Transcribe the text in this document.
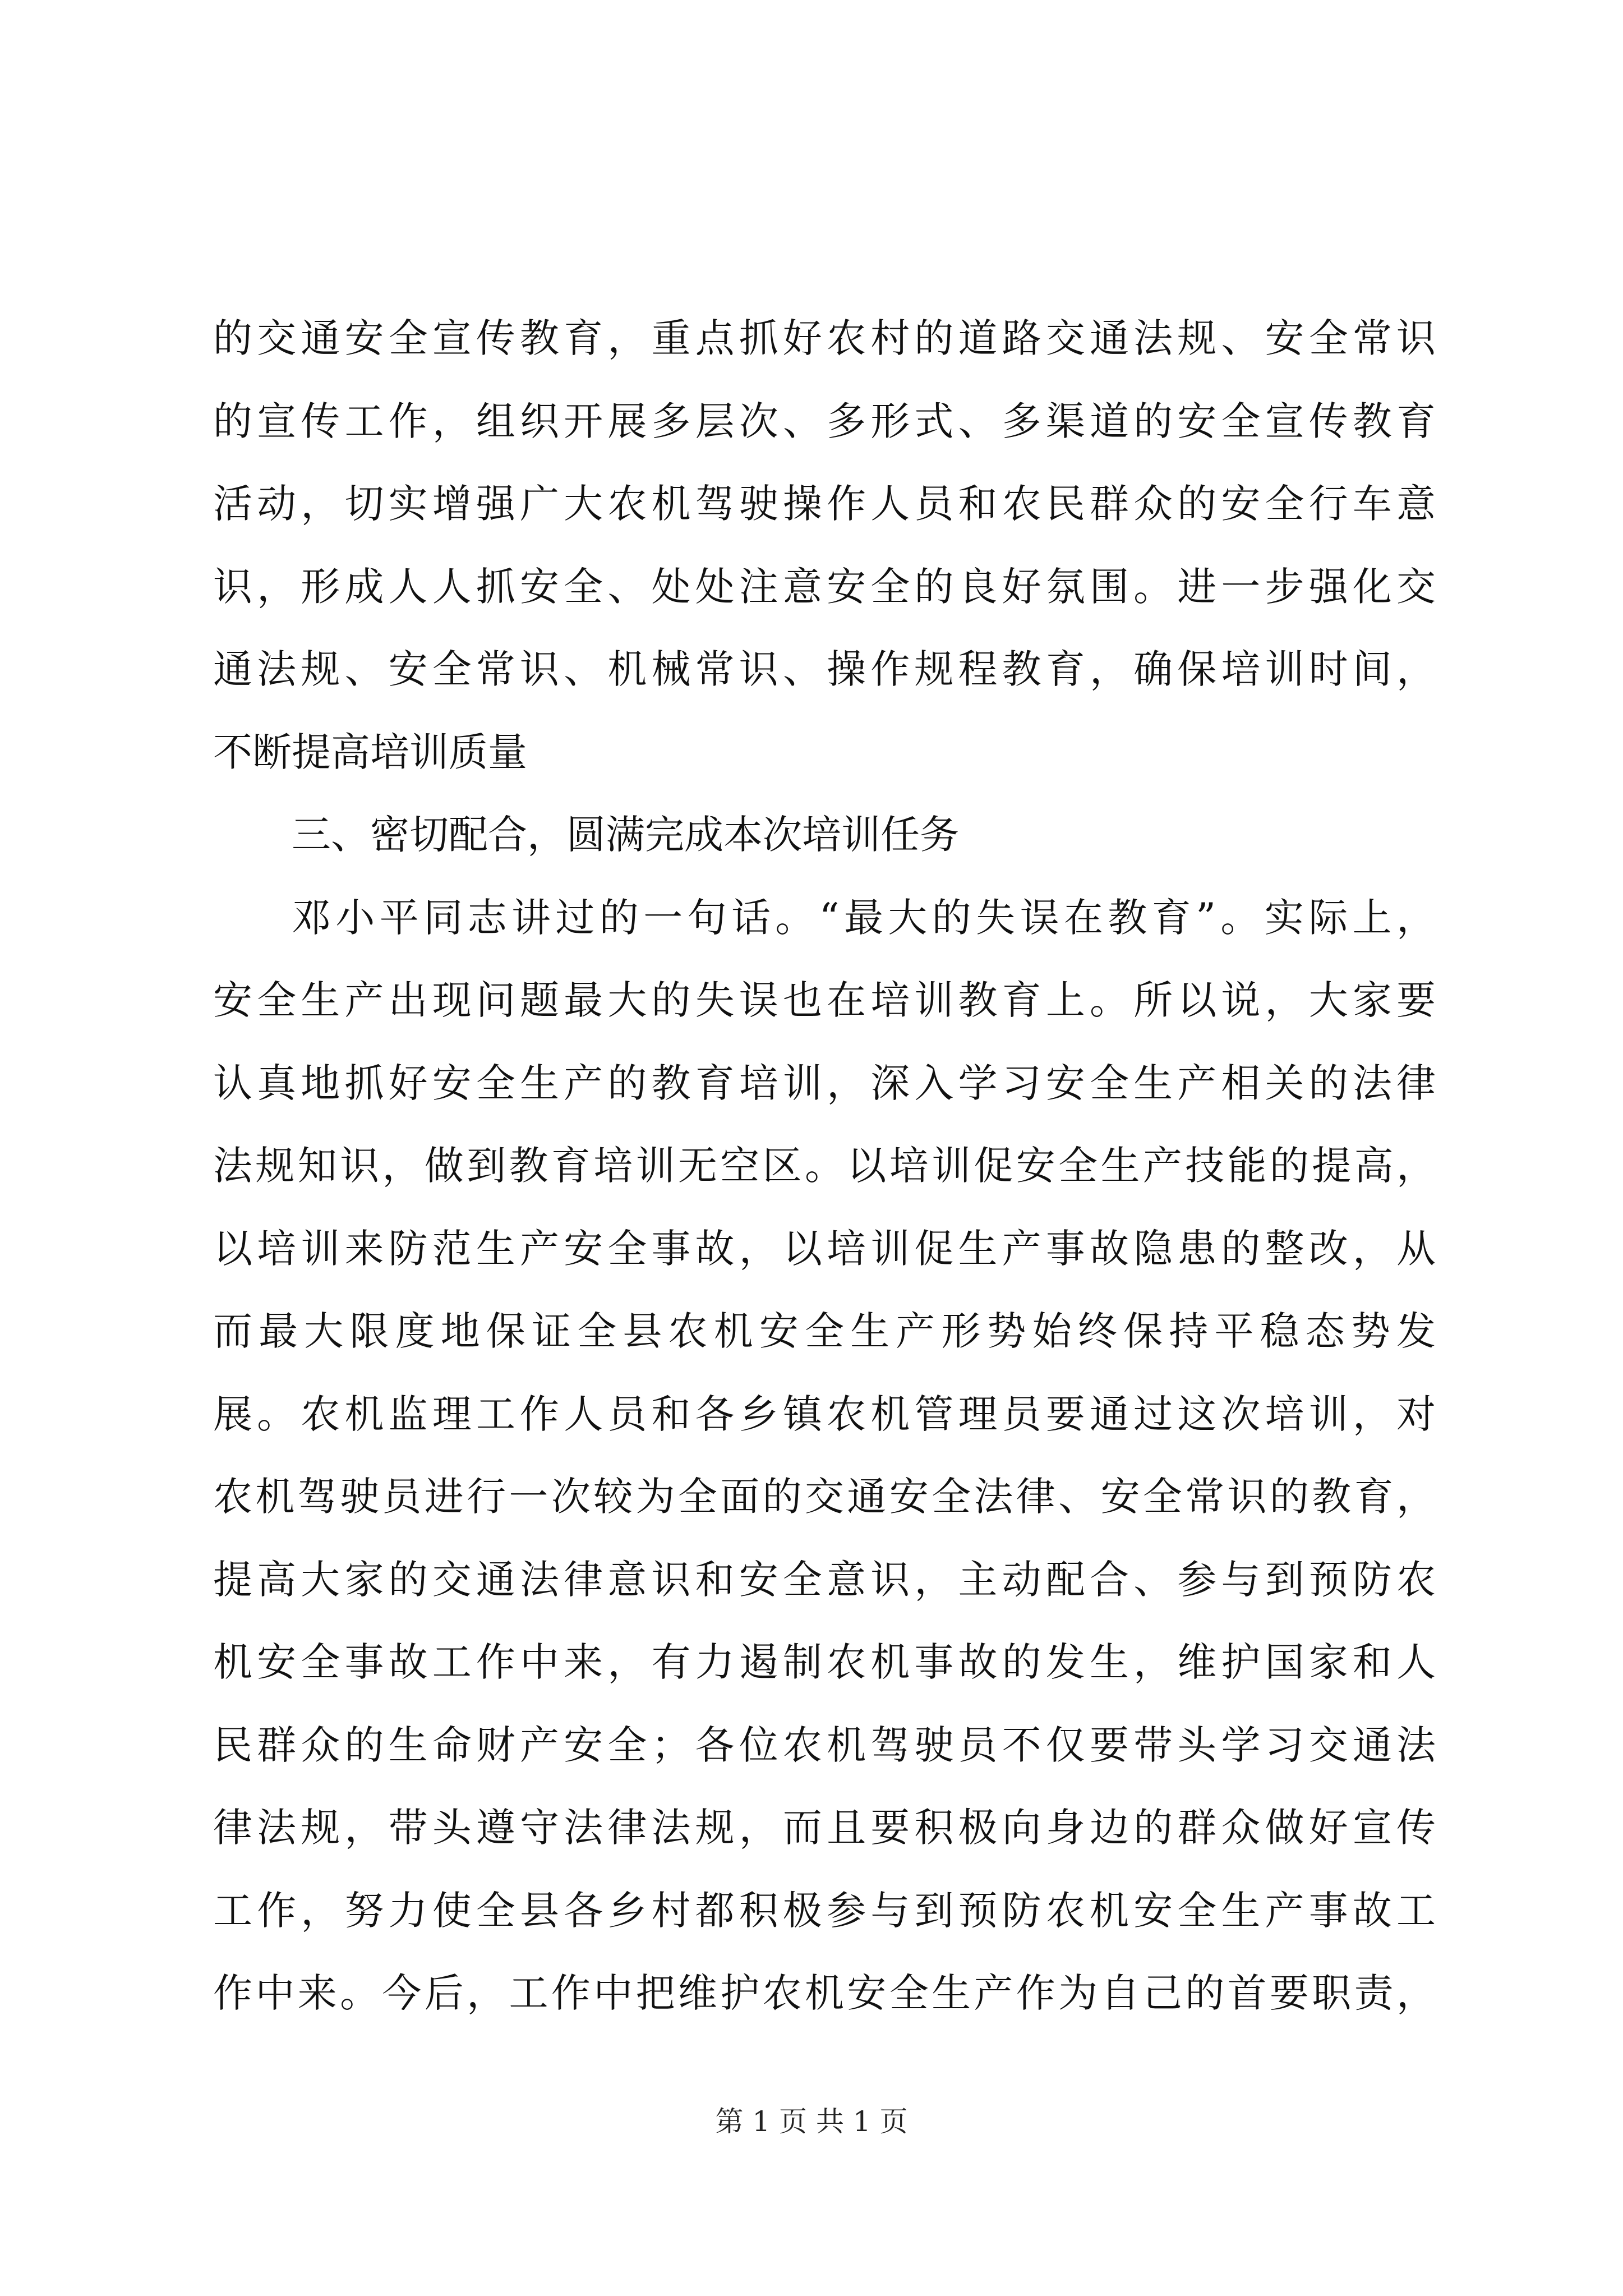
的交通安全宣传教育，重点抓好农村的道路交通法规、安全常识
的宣传工作，组织开展多层次、多形式、多渠道的安全宣传教育
活动，切实增强广大农机驾驶操作人员和农民群众的安全行车意
识，形成人人抓安全、处处注意安全的良好氛围。进一步强化交
通法规、安全常识、机械常识、操作规程教育，确保培训时间，
不断提高培训质量
三、密切配合，圆满完成本次培训任务
邓小平同志讲过的一句话。“最大的失误在教育”。实际上，
安全生产出现问题最大的失误也在培训教育上。所以说，大家要
认真地抓好安全生产的教育培训，深入学习安全生产相关的法律
法规知识，做到教育培训无空区。以培训促安全生产技能的提高，
以培训来防范生产安全事故，以培训促生产事故隐患的整改，从
而最大限度地保证全县农机安全生产形势始终保持平稳态势发
展。农机监理工作人员和各乡镇农机管理员要通过这次培训，对
农机驾驶员进行一次较为全面的交通安全法律、安全常识的教育，
提高大家的交通法律意识和安全意识，主动配合、参与到预防农
机安全事故工作中来，有力遏制农机事故的发生，维护国家和人
民群众的生命财产安全；各位农机驾驶员不仅要带头学习交通法
律法规，带头遵守法律法规，而且要积极向身边的群众做好宣传
工作，努力使全县各乡村都积极参与到预防农机安全生产事故工
作中来。今后，工作中把维护农机安全生产作为自己的首要职责，
第 1 页 共 1 页
